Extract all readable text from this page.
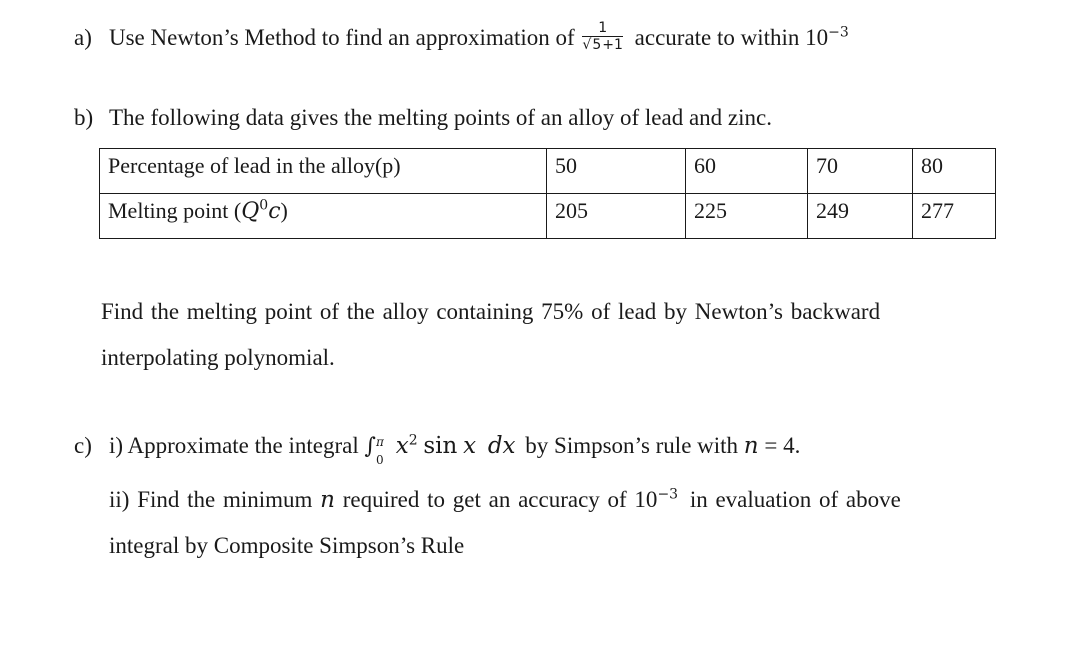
a) Use Newton’s Method to find an approximation of $\frac{1}{√5+1}$ accurate to within $10^{-3}$
b) The following data gives the melting points of an alloy of lead and zinc.
Percentage of lead in the alloy(p)	50	60	70	80
Melting point $(Q^0c)$	205	225	249	277
Find the melting point of the alloy containing 75% of lead by Newton’s backward
interpolating polynomial.
c) i) Approximate the integral ∫ π
0
$x^2$ sin x dx by Simpson’s rule with n = 4.
ii) Find the minimum n required to get an accuracy of $10^{-3}$ in evaluation of above
integral by Composite Simpson’s Rule
